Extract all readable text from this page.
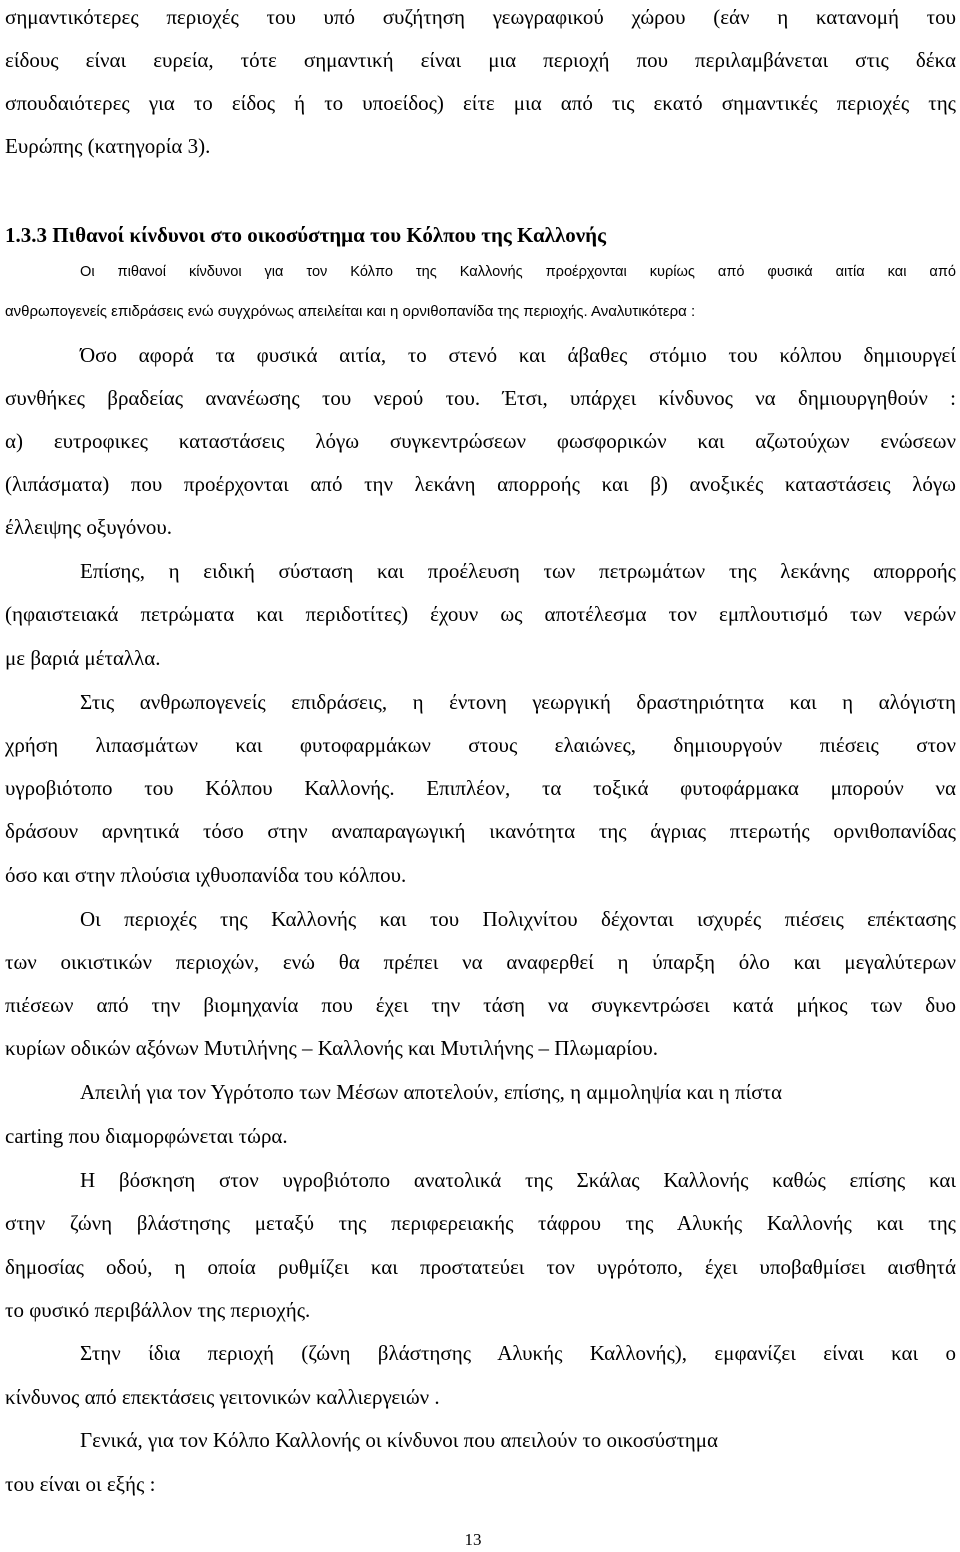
σημαντικότερες περιοχές του υπό συζήτηση γεωγραφικού χώρου (εάν η κατανομή του
είδους είναι ευρεία, τότε σημαντική είναι μια περιοχή που περιλαμβάνεται στις δέκα
σπουδαιότερες για το είδος ή το υποείδος) είτε μια από τις εκατό σημαντικές περιοχές της
Ευρώπης (κατηγορία 3).
1.3.3 Πιθανοί κίνδυνοι στο οικοσύστημα του Κόλπου της Καλλονής
Οι πιθανοί κίνδυνοι για τον Κόλπο της Καλλονής προέρχονται κυρίως από φυσικά αιτία και από
ανθρωπογενείς επιδράσεις ενώ συγχρόνως απειλείται και η ορνιθοπανίδα της περιοχής. Αναλυτικότερα :
Όσο αφορά τα φυσικά αιτία, το στενό και άβαθες στόμιο του κόλπου δημιουργεί
συνθήκες βραδείας ανανέωσης του νερού του. Έτσι, υπάρχει κίνδυνος να δημιουργηθούν :
α) ευτροφικες καταστάσεις λόγω συγκεντρώσεων φωσφορικών και αζωτούχων ενώσεων
(λιπάσματα) που προέρχονται από την λεκάνη απορροής και β) ανοξικές καταστάσεις λόγω
έλλειψης οξυγόνου.
Επίσης, η ειδική σύσταση και προέλευση των πετρωμάτων της λεκάνης απορροής
(ηφαιστειακά πετρώματα και περιδοτίτες) έχουν ως αποτέλεσμα τον εμπλουτισμό των νερών
με βαριά μέταλλα.
Στις ανθρωπογενείς επιδράσεις, η έντονη γεωργική δραστηριότητα και η αλόγιστη
χρήση λιπασμάτων και φυτοφαρμάκων στους ελαιώνες, δημιουργούν πιέσεις στον
υγροβιότοπο του Κόλπου Καλλονής. Επιπλέον, τα τοξικά φυτοφάρμακα μπορούν να
δράσουν αρνητικά τόσο στην αναπαραγωγική ικανότητα της άγριας πτερωτής ορνιθοπανίδας
όσο και στην πλούσια ιχθυοπανίδα του κόλπου.
Οι περιοχές της Καλλονής και του Πολιχνίτου δέχονται ισχυρές πιέσεις επέκτασης
των οικιστικών περιοχών, ενώ θα πρέπει να αναφερθεί η ύπαρξη όλο και μεγαλύτερων
πιέσεων από την βιομηχανία που έχει την τάση να συγκεντρώσει κατά μήκος των δυο
κυρίων οδικών αξόνων Μυτιλήνης – Καλλονής και Μυτιλήνης – Πλωμαρίου.
Απειλή για τον Υγρότοπο των Μέσων αποτελούν, επίσης, η αμμοληψία και η πίστα
carting που διαμορφώνεται τώρα.
Η βόσκηση στον υγροβιότοπο ανατολικά της Σκάλας Καλλονής καθώς επίσης και
στην ζώνη βλάστησης μεταξύ της περιφερειακής τάφρου της Αλυκής Καλλονής και της
δημοσίας οδού, η οποία ρυθμίζει και προστατεύει τον υγρότοπο, έχει υποβαθμίσει αισθητά
το φυσικό περιβάλλον της περιοχής.
Στην ίδια περιοχή (ζώνη βλάστησης Αλυκής Καλλονής), εμφανίζει είναι και ο
κίνδυνος από επεκτάσεις γειτονικών καλλιεργειών .
Γενικά, για τον Κόλπο Καλλονής οι κίνδυνοι που απειλούν το οικοσύστημα
του είναι οι εξής :
13
